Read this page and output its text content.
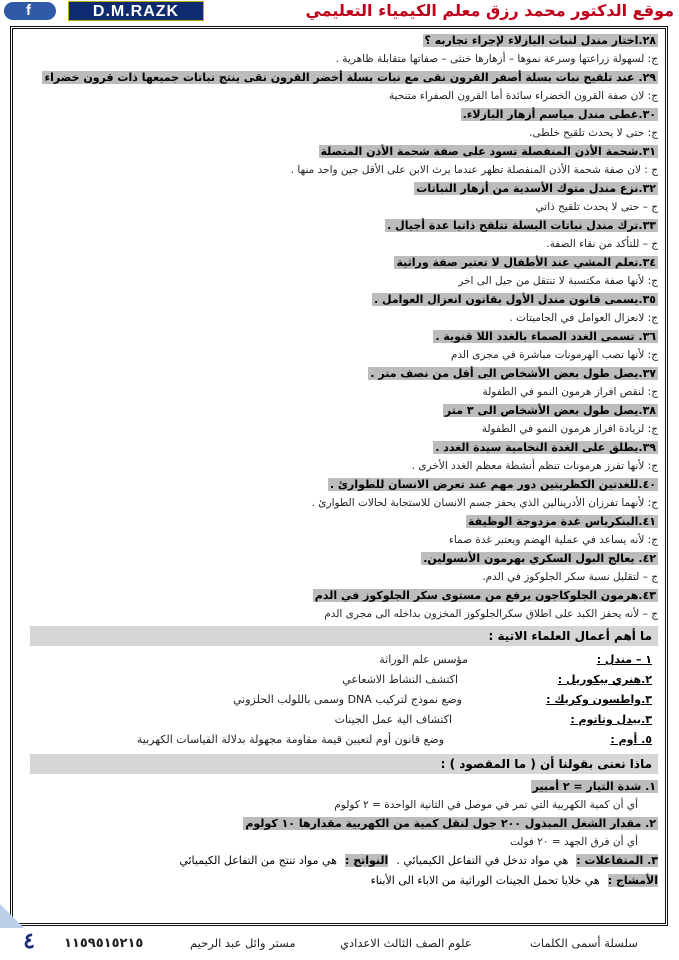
f	D.M.RAZK	موقع الدكتور محمد رزق معلم الكيمياء التعليمي
٢٨.اختار مندل لنبات البازلاء لإجراء تجاربه ؟
ج: لسهولة زراعتها وسرعة نموها – أزهارها خنثى – صفاتها متقابلة ظاهرية .
٢٩. عند تلقيح نبات بسلة أصفر القرون نقى مع نبات بسلة أخضر القرون نقى ينتج نباتات جميعها ذات قرون خضراء
ج: لان صفة القرون الخضراء سائدة أما القرون الصفراء متنحية
٣٠.غطى مندل مياسم أزهار البازلاء.
ج: حتى لا يحدث تلقيح خلطى.
٣١.شحمة الأذن المنفصلة تسود على صفة شحمة الأذن المتصلة
ج : لان صفة شحمة الأذن المنفصلة تظهر عندما يرث الابن على الأقل جين واحد منها .
٣٢.نزع مندل متوك الأسدية من أزهار النباتات
ج – حتى لا يحدث تلقيح ذاتي
٣٣.ترك مندل نباتات البسلة تتلقح ذاتيا عدة أجيال .
ج – للتأكد من نقاء الصفة.
٣٤.تعلم المشي عند الأطفال لا تعتبر صفة وراثية
ج: لأنها صفة مكتسبة لا تنتقل من جيل الى اخر
٣٥.يسمى قانون مندل الأول بقانون انعزال العوامل .
ج: لانعزال العوامل في الجاميتات .
٣٦. تسمى الغدد الصماء بالغدد اللا قنوية .
ج: لأنها تصب الهرمونات مباشرة في مجرى الدم
٣٧.يصل طول بعض الأشخاص الى أقل من نصف متر .
ج: لنقص افراز هرمون النمو في الطفولة
٣٨.يصل طول بعض الأشخاص الى ٣ متر
ج: لزيادة افراز هرمون النمو في الطفولة
٣٩.يطلق على الغدة النخامية سيدة الغدد .
ج: لأنها تفرز هرمونات تنظم أنشطة معظم الغدد الأخرى .
٤٠.للغدتين الكظريتين دور مهم عند تعرض الانسان للطوارئ .
ج: لأنهما تفرزان الأدرينالين الذي يحفز جسم الانسان للاستجابة لحالات الطوارئ .
٤١.البنكرياس غدة مزدوجة الوظيفة
ج: لأنه يساعد في عملية الهضم ويعتبر غدة صماء
٤٢. يعالج البول السكري بهرمون الأنسولين.
ج – لتقليل نسبة سكر الجلوكوز في الدم.
٤٣.هرمون الجلوكاجون يرفع من مستوى سكر الجلوكوز في الدم
ج – لأنه يحفز الكبد على اطلاق سكرالجلوكوز المخزون بداخله الى مجرى الدم
ما أهم أعمال العلماء الاتية :
١ – مندل :
مؤسس علم الوراثة
٢.هنري بيكوريل :
اكتشف النشاط الاشعاعي
٣.واطسون وكريك :
وضع نموذج لتركيب DNA وسمى باللولب الحلزوني
٣.بيدل وتاتوم :
اكتشاف الية عمل الجينات
٥. أوم :
وضع قانون أوم لتعيين قيمة مقاومة مجهولة بدلالة القياسات الكهربية
ماذا نعنى بقولنا أن ( ما المقصود ) :
١. شدة التيار = ٢ أمبير
أي أن كمية الكهربية التي تمر في موصل في الثانية الواحدة = ٢ كولوم
٢. مقدار الشغل المبذول ٢٠٠ جول لنقل كمية من الكهربية مقدارها ١٠ كولوم
أي أن فرق الجهد = ٢٠ فولت
٣. المتفاعلات :هي مواد تدخل في التفاعل الكيميائي .النواتج :هي مواد تنتج من التفاعل الكيميائي
الأمشاج :هي خلايا تحمل الجينات الوراثية من الاباء الى الأبناء
٤	١١٥٩٥١٥٢١٥	مستر وائل عبد الرحيم	علوم الصف الثالث الاعدادي	سلسلة أسمى الكلمات
